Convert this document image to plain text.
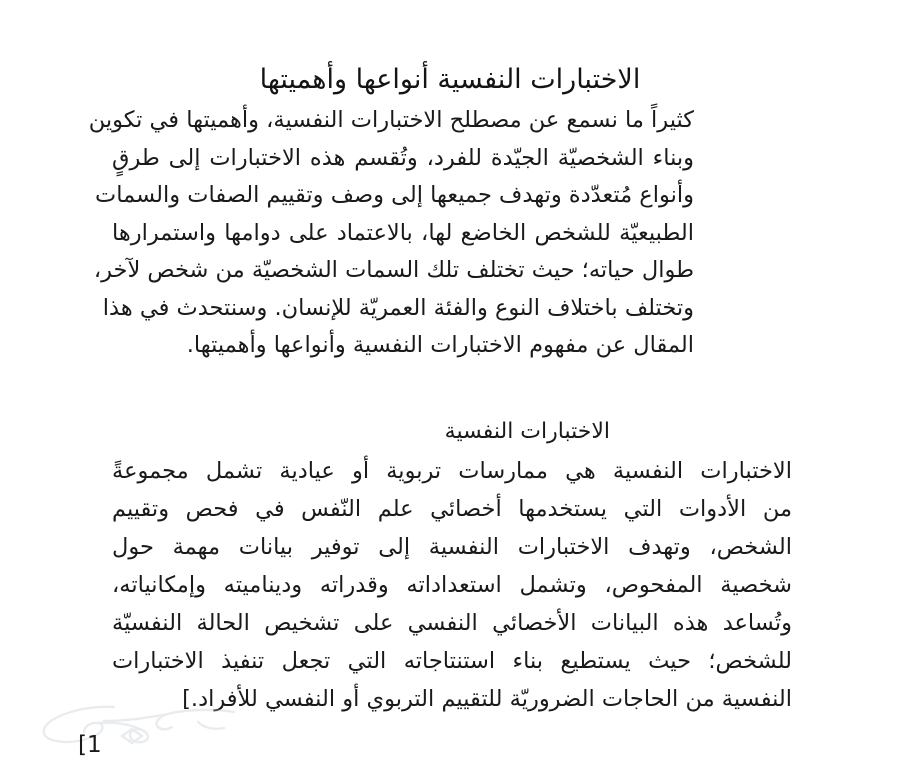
الاختبارات النفسية أنواعها وأهميتها
كثيراً ما نسمع عن مصطلح الاختبارات النفسية، وأهميتها في تكوين
وبناء الشخصيّة الجيّدة للفرد، وتُقسم هذه الاختبارات إلى طرقٍ
وأنواع مُتعدّدة وتهدف جميعها إلى وصف وتقييم الصفات والسمات
الطبيعيّة للشخص الخاضع لها، بالاعتماد على دوامها واستمرارها
طوال حياته؛ حيث تختلف تلك السمات الشخصيّة من شخص لآخر،
وتختلف باختلاف النوع والفئة العمريّة للإنسان. وسنتحدث في هذا
المقال عن مفهوم الاختبارات النفسية وأنواعها وأهميتها.
الاختبارات النفسية
الاختبارات النفسية هي ممارسات تربوية أو عيادية تشمل مجموعةً
من الأدوات التي يستخدمها أخصائي علم النّفس في فحص وتقييم
الشخص، وتهدف الاختبارات النفسية إلى توفير بيانات مهمة حول
شخصية المفحوص، وتشمل استعداداته وقدراته وديناميته وإمكانياته،
وتُساعد هذه البيانات الأخصائي النفسي على تشخيص الحالة النفسيّة
للشخص؛ حيث يستطيع بناء استنتاجاته التي تجعل تنفيذ الاختبارات
النفسية من الحاجات الضروريّة للتقييم التربوي أو النفسي للأفراد.]
[1
